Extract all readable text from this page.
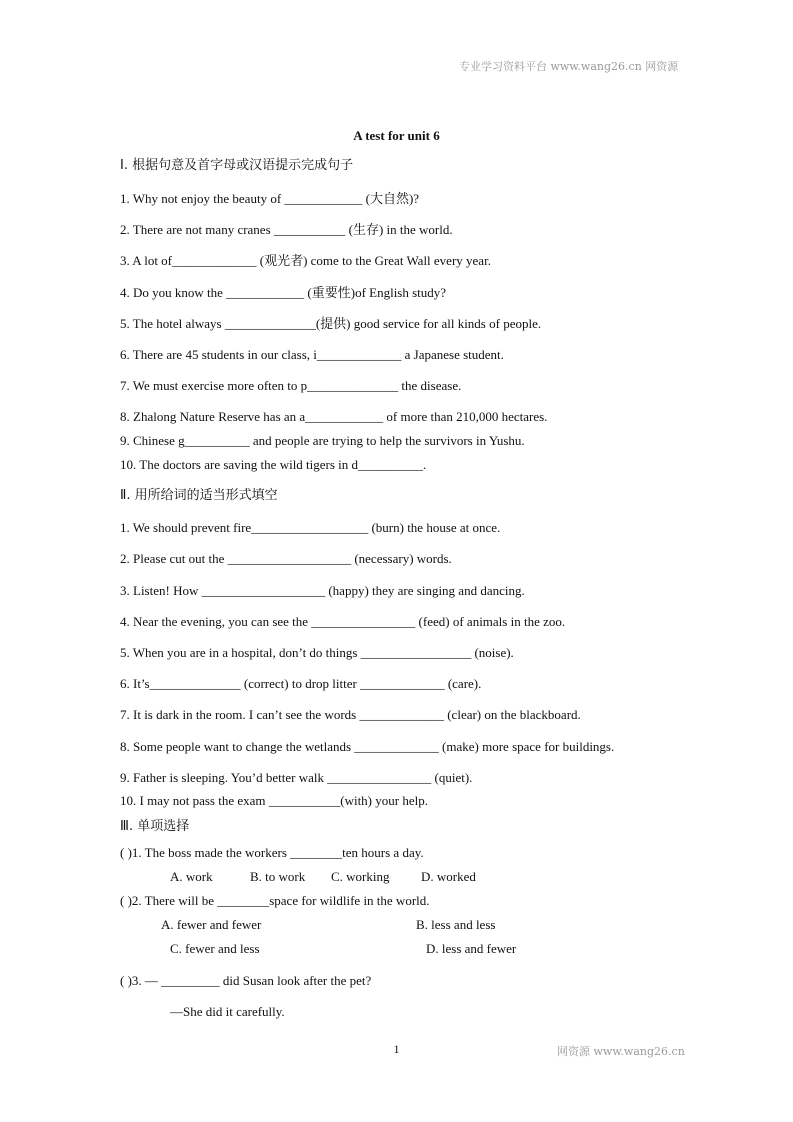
专业学习资料平台 www.wang26.cn 网资源
A test for unit 6
Ⅰ. 根据句意及首字母或汉语提示完成句子
1. Why not enjoy the beauty of ____________ (大自然)?
2. There are not many cranes ___________ (生存) in the world.
3. A lot of_____________ (观光者) come to the Great Wall every year.
4. Do you know the ____________ (重要性)of English study?
5. The hotel always ______________(提供) good service for all kinds of people.
6. There are 45 students in our class, i_____________ a Japanese student.
7. We must exercise more often to p______________ the disease.
8. Zhalong Nature Reserve has an a____________ of more than 210,000 hectares.
9. Chinese g__________ and people are trying to help the survivors in Yushu.
10. The doctors are saving the wild tigers in d__________.
Ⅱ. 用所给词的适当形式填空
1. We should prevent fire__________________ (burn) the house at once.
2. Please cut out the ___________________ (necessary) words.
3. Listen! How ___________________ (happy) they are singing and dancing.
4. Near the evening, you can see the ________________ (feed) of animals in the zoo.
5. When you are in a hospital, don’t do things _________________ (noise).
6. It’s______________ (correct) to drop litter _____________ (care).
7. It is dark in the room. I can’t see the words _____________ (clear) on the blackboard.
8. Some people want to change the wetlands _____________ (make) more space for buildings.
9. Father is sleeping. You’d better walk ________________ (quiet).
10. I may not pass the exam ___________(with) your help.
Ⅲ. 单项选择
( )1. The boss made the workers ________ten hours a day.
A. work	B. to work C. working D. worked
( )2. There will be ________space for wildlife in the world.
A. fewer and fewer	B. less and less
C. fewer and less	D. less and fewer
( )3. — _________ did Susan look after the pet?
—She did it carefully.
1	网资源 www.wang26.cn
